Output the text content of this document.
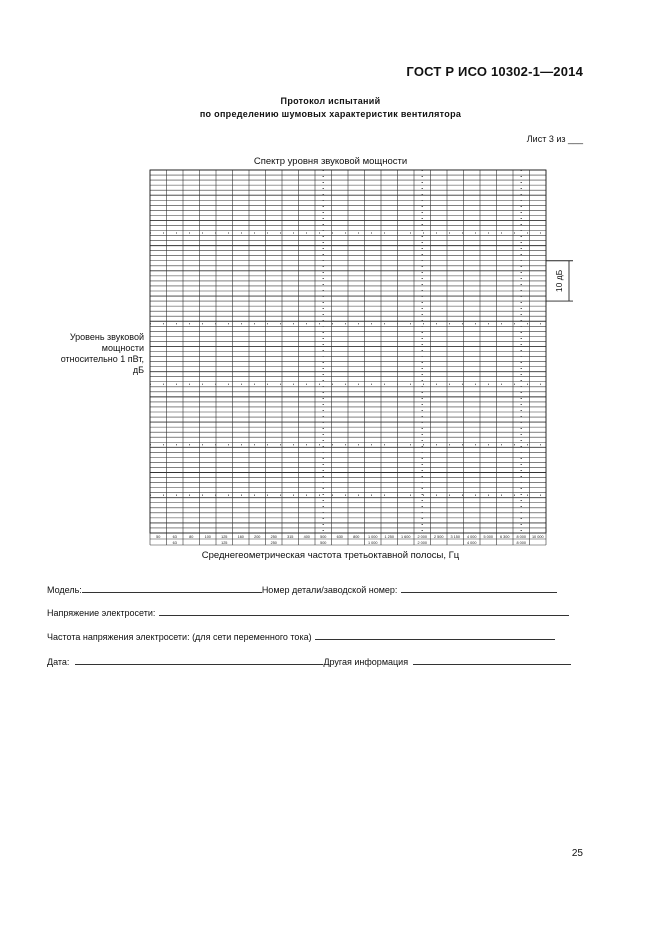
ГОСТ Р ИСО 10302-1—2014
Протокол испытаний
по определению шумовых характеристик вентилятора
Лист 3 из ___
Спектр уровня звуковой мощности
Уровень звуковой мощности относительно 1 пВт, дБ
50	63	80	100	125	160	200	250	315	400	500	630	800 1 000 1 250 1 600 2 000 2 500 3 150 4 000 5 000 6 300 8 000 10 000
63	125	250	500	1 000	2 000	4 000	8 000
10 дБ
Среднегеометрическая частота третьоктавной полосы, Гц
Модель:	Номер детали/заводской номер:
Напряжение электросети:
Частота напряжения электросети: (для сети переменного тока)
Дата:	Другая информация
25
